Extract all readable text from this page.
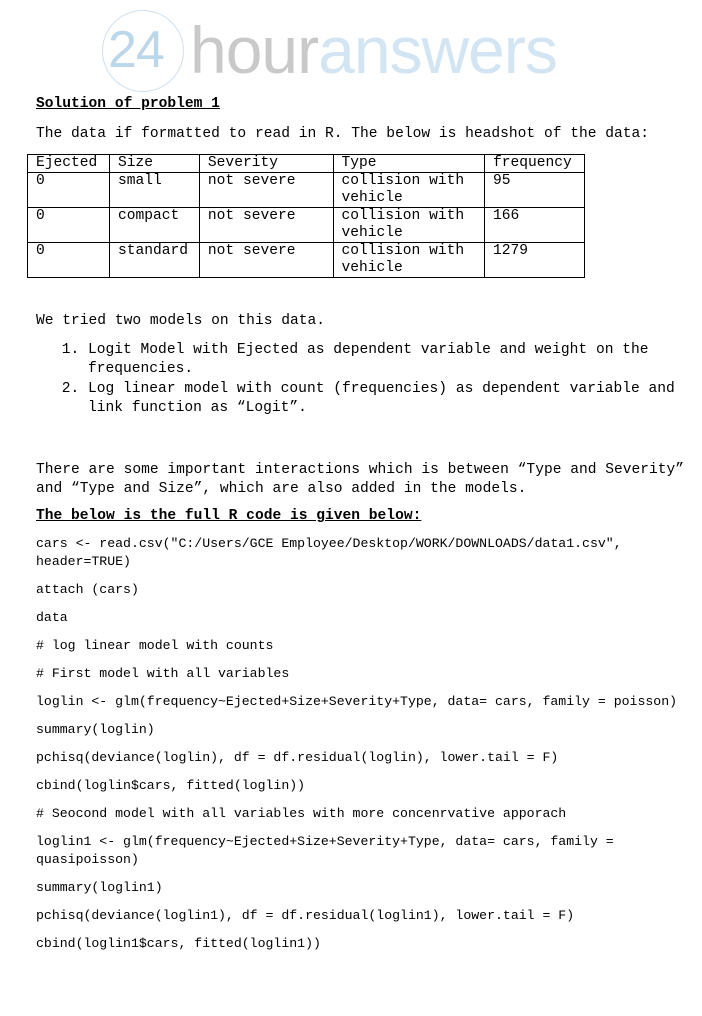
24 houranswers
Solution of problem 1

The data if formatted to read in R. The below is headshot of the data:

Ejected	Size	Severity	Type	frequency
0	small	not severe	collision with vehicle	95
0	compact	not severe	collision with vehicle	166
0	standard	not severe	collision with vehicle	1279

We tried two models on this data.

1. Logit Model with Ejected as dependent variable and weight on the frequencies.
2. Log linear model with count (frequencies) as dependent variable and link function as “Logit”.

There are some important interactions which is between “Type and Severity” and “Type and Size”, which are also added in the models.

The below is the full R code is given below:

cars <- read.csv("C:/Users/GCE Employee/Desktop/WORK/DOWNLOADS/data1.csv", header=TRUE)

attach (cars)

data

# log linear model with counts

# First model with all variables

loglin <- glm(frequency~Ejected+Size+Severity+Type, data= cars, family = poisson)

summary(loglin)

pchisq(deviance(loglin), df = df.residual(loglin), lower.tail = F)

cbind(loglin$cars, fitted(loglin))

# Seocond model with all variables with more concenrvative apporach

loglin1 <- glm(frequency~Ejected+Size+Severity+Type, data= cars, family = quasipoisson)

summary(loglin1)

pchisq(deviance(loglin1), df = df.residual(loglin1), lower.tail = F)

cbind(loglin1$cars, fitted(loglin1))
